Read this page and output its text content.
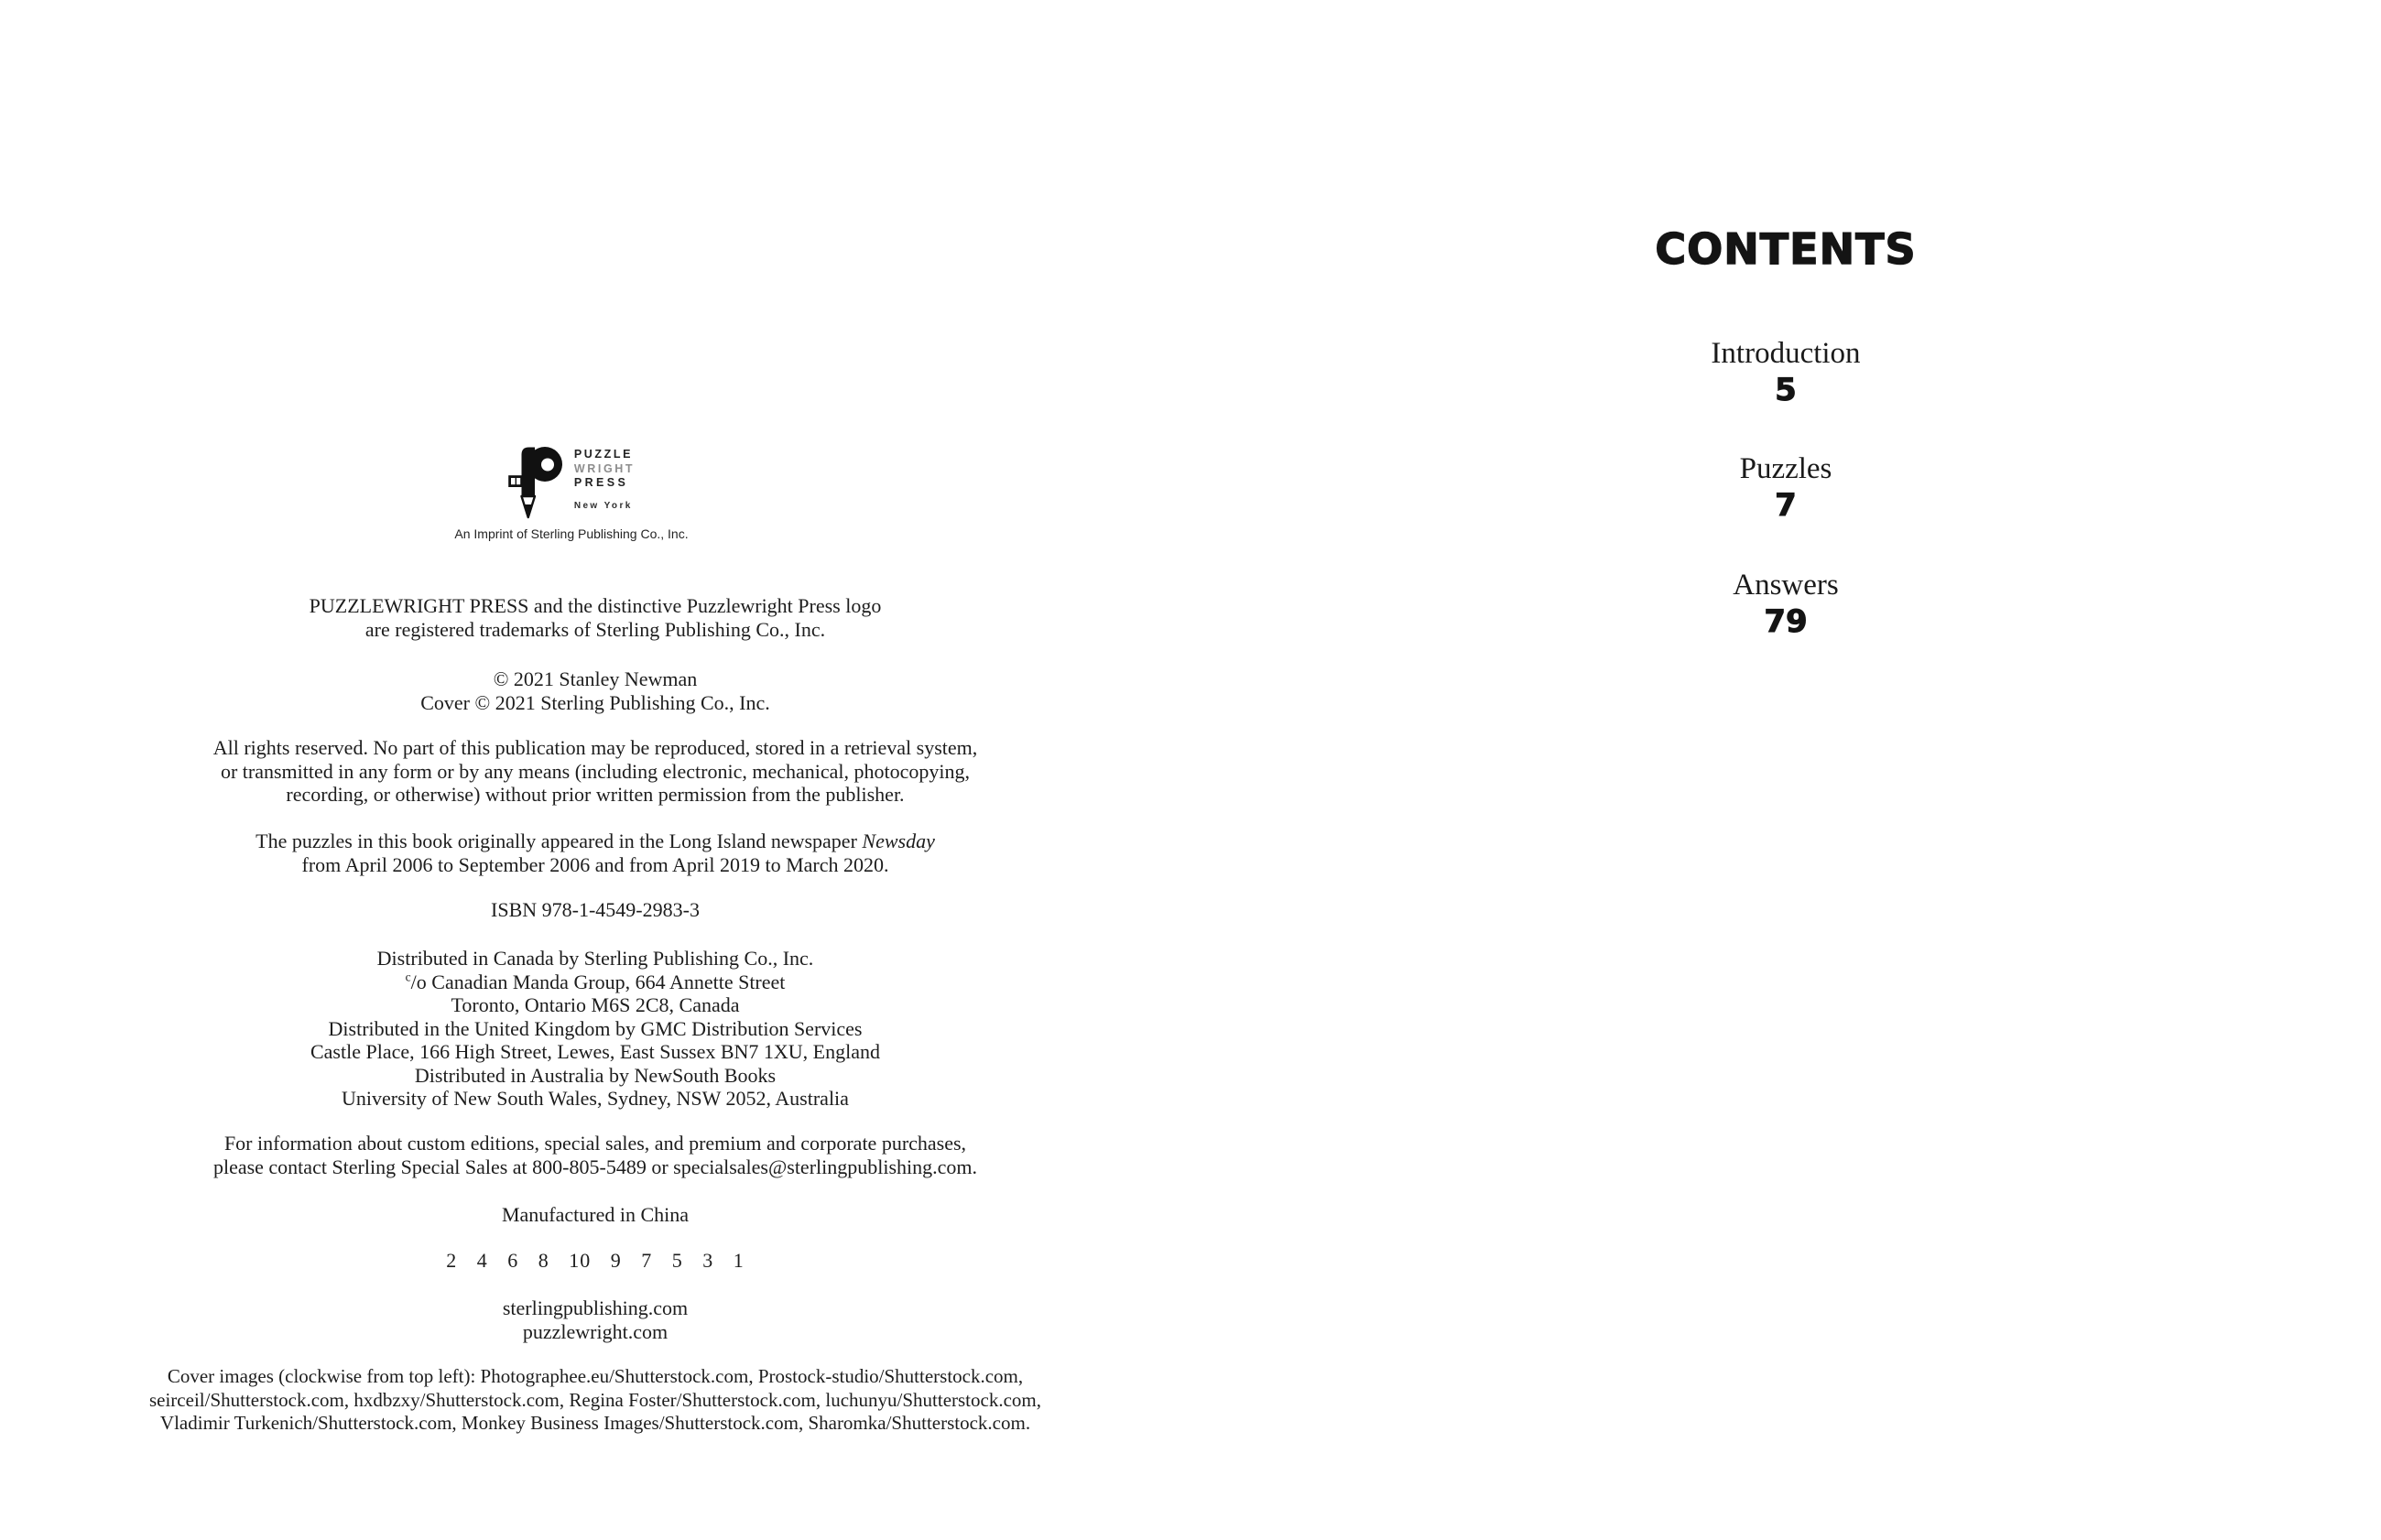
PUZZLE
WRIGHT
PRESS
New York
An Imprint of Sterling Publishing Co., Inc.
PUZZLEWRIGHT PRESS and the distinctive Puzzlewright Press logo
are registered trademarks of Sterling Publishing Co., Inc.
© 2021 Stanley Newman
Cover © 2021 Sterling Publishing Co., Inc.
All rights reserved. No part of this publication may be reproduced, stored in a retrieval system,
or transmitted in any form or by any means (including electronic, mechanical, photocopying,
recording, or otherwise) without prior written permission from the publisher.
The puzzles in this book originally appeared in the Long Island newspaper Newsday
from April 2006 to September 2006 and from April 2019 to March 2020.
ISBN 978-1-4549-2983-3
Distributed in Canada by Sterling Publishing Co., Inc.
$^c$/o Canadian Manda Group, 664 Annette Street
Toronto, Ontario M6S 2C8, Canada
Distributed in the United Kingdom by GMC Distribution Services
Castle Place, 166 High Street, Lewes, East Sussex BN7 1XU, England
Distributed in Australia by NewSouth Books
University of New South Wales, Sydney, NSW 2052, Australia
For information about custom editions, special sales, and premium and corporate purchases,
please contact Sterling Special Sales at 800-805-5489 or specialsales@sterlingpublishing.com.
Manufactured in China
2 4 6 8 10 9 7 5 3 1
sterlingpublishing.com
puzzlewright.com
Cover images (clockwise from top left): Photographee.eu/Shutterstock.com, Prostock-studio/Shutterstock.com,
seirceil/Shutterstock.com, hxdbzxy/Shutterstock.com, Regina Foster/Shutterstock.com, luchunyu/Shutterstock.com,
Vladimir Turkenich/Shutterstock.com, Monkey Business Images/Shutterstock.com, Sharomka/Shutterstock.com.
CONTENTS
Introduction
5
Puzzles
7
Answers
79
